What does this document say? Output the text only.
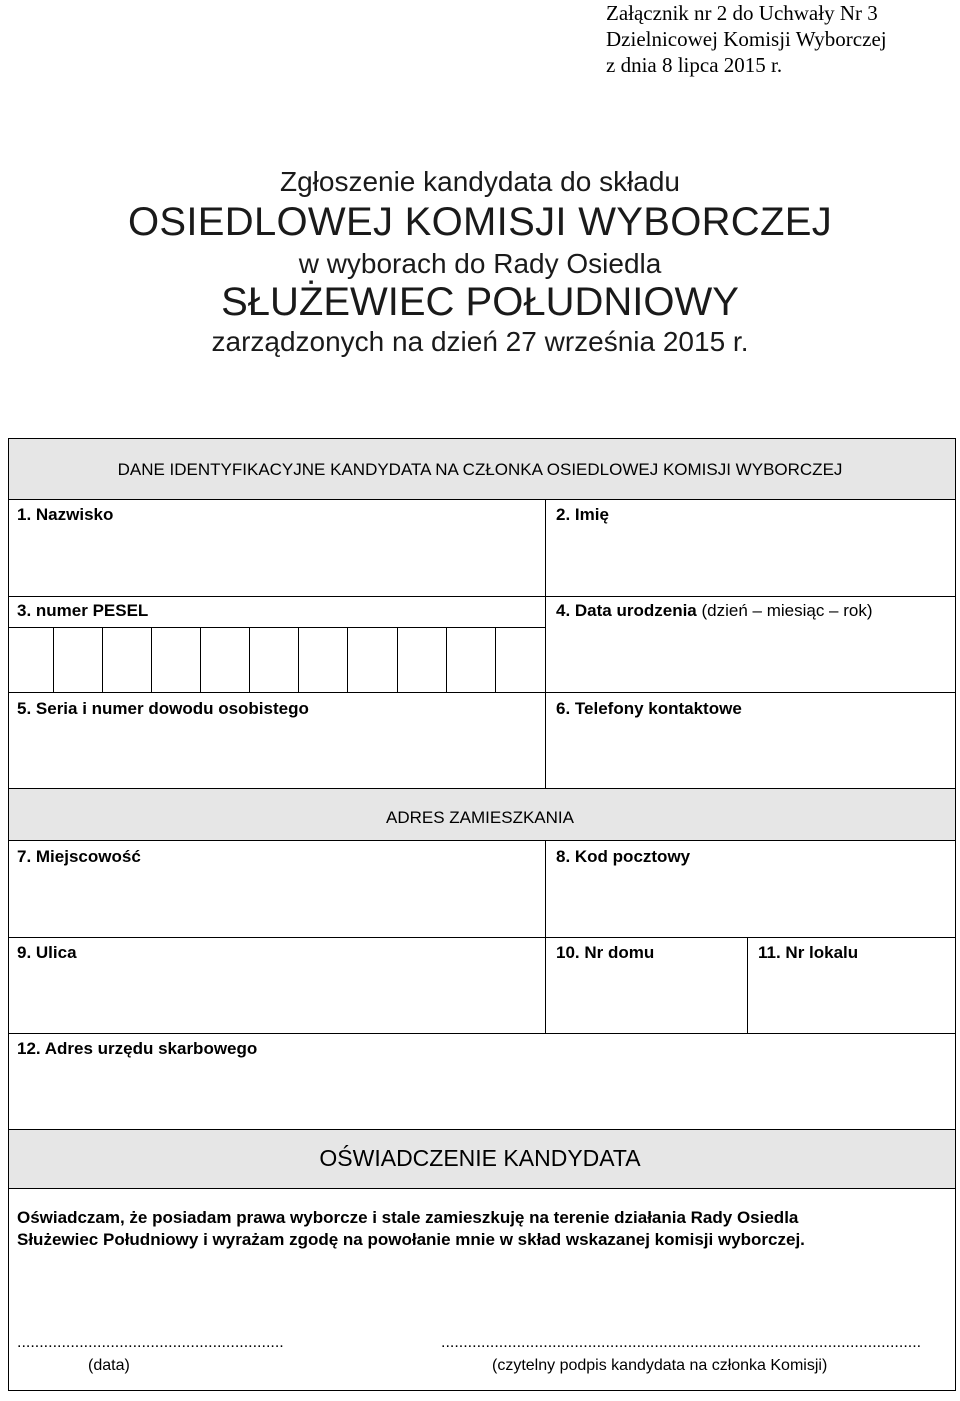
Załącznik nr 2 do Uchwały Nr 3
Dzielnicowej Komisji Wyborczej
z dnia 8 lipca 2015 r.
Zgłoszenie kandydata do składu
OSIEDLOWEJ KOMISJI WYBORCZEJ
w wyborach do Rady Osiedla
SŁUŻEWIEC POŁUDNIOWY
zarządzonych na dzień 27 września 2015 r.
DANE IDENTYFIKACYJNE KANDYDATA NA CZŁONKA OSIEDLOWEJ KOMISJI WYBORCZEJ
1. Nazwisko	2. Imię
3. numer PESEL	4. Data urodzenia (dzień – miesiąc – rok)
5. Seria i numer dowodu osobistego	6. Telefony kontaktowe
ADRES ZAMIESZKANIA
7. Miejscowość	8. Kod pocztowy
9. Ulica	10. Nr domu	11. Nr lokalu
12. Adres urzędu skarbowego
OŚWIADCZENIE KANDYDATA
Oświadczam, że posiadam prawa wyborcze i stale zamieszkuję na terenie działania Rady Osiedla
Służewiec Południowy i wyrażam zgodę na powołanie mnie w skład wskazanej komisji wyborczej.
............................................................
(data)
............................................................................................................
(czytelny podpis kandydata na członka Komisji)
